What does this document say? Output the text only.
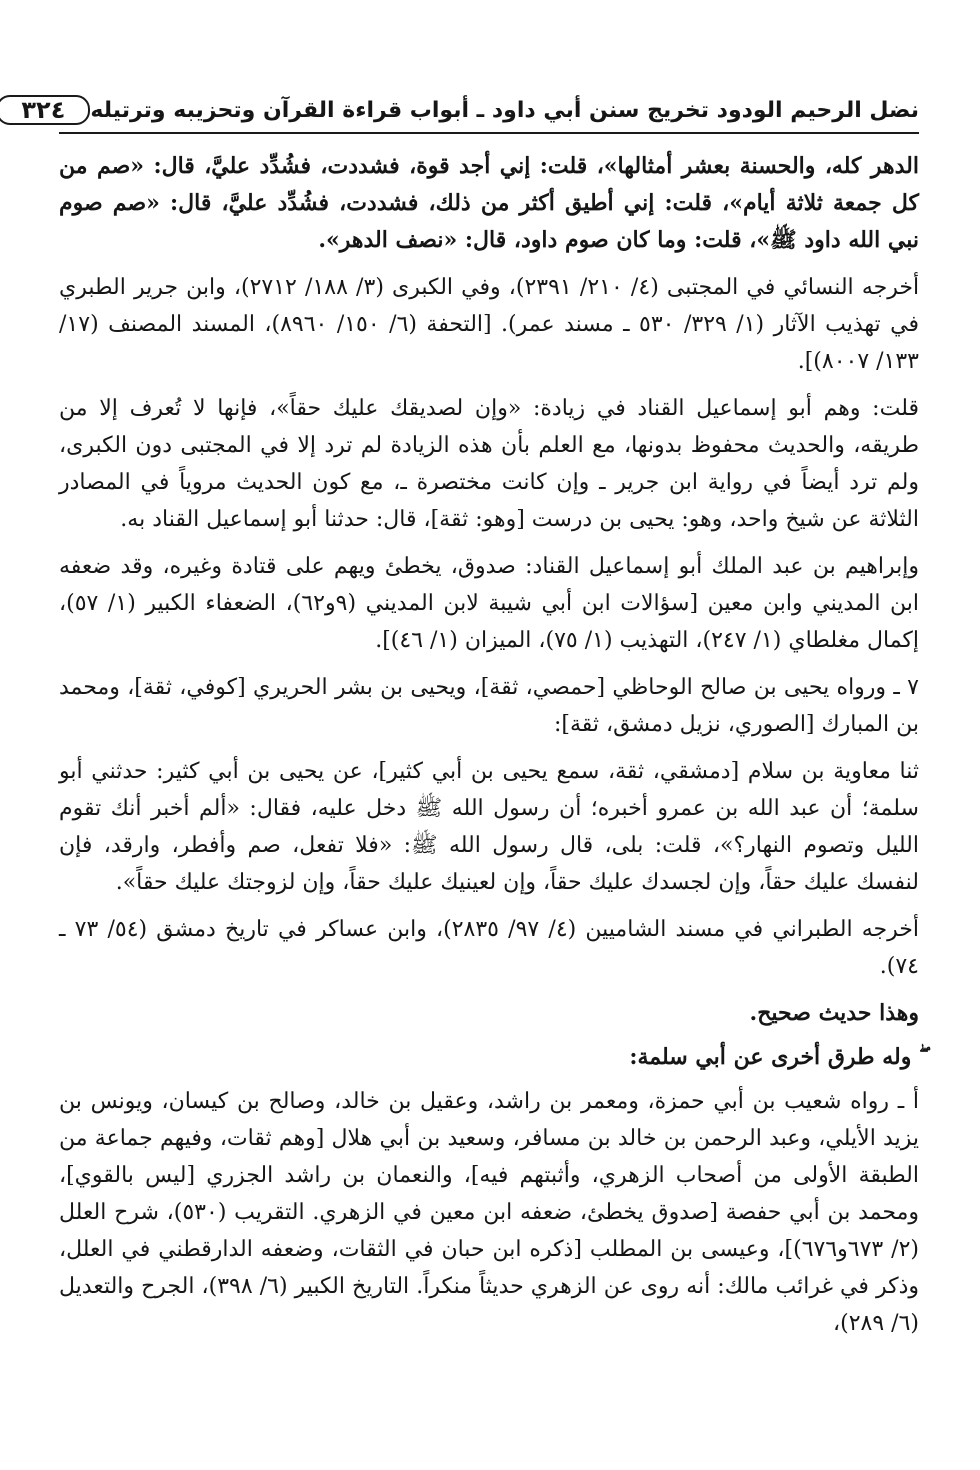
نضل الرحيم الودود تخريج سنن أبي داود ـ أبواب قراءة القرآن وتحزيبه وترتيله
٣٢٤

الدهر كله، والحسنة بعشر أمثالها»، قلت: إني أجد قوة، فشددت، فشُدِّد عليَّ، قال: «صم من كل جمعة ثلاثة أيام»، قلت: إني أطيق أكثر من ذلك، فشددت، فشُدِّد عليَّ، قال: «صم صوم نبي الله داود ﷺ»، قلت: وما كان صوم داود، قال: «نصف الدهر».

أخرجه النسائي في المجتبى (٤/ ٢١٠/ ٢٣٩١)، وفي الكبرى (٣/ ١٨٨/ ٢٧١٢)، وابن جرير الطبري في تهذيب الآثار (١/ ٣٢٩/ ٥٣٠ ـ مسند عمر). [التحفة (٦/ ١٥٠/ ٨٩٦٠)، المسند المصنف (١٧/ ١٣٣/ ٨٠٠٧)].

قلت: وهم أبو إسماعيل القناد في زيادة: «وإن لصديقك عليك حقاً»، فإنها لا تُعرف إلا من طريقه، والحديث محفوظ بدونها، مع العلم بأن هذه الزيادة لم ترد إلا في المجتبى دون الكبرى، ولم ترد أيضاً في رواية ابن جرير ـ وإن كانت مختصرة ـ، مع كون الحديث مروياً في المصادر الثلاثة عن شيخ واحد، وهو: يحيى بن درست [وهو: ثقة]، قال: حدثنا أبو إسماعيل القناد به.

وإبراهيم بن عبد الملك أبو إسماعيل القناد: صدوق، يخطئ ويهم على قتادة وغيره، وقد ضعفه ابن المديني وابن معين [سؤالات ابن أبي شيبة لابن المديني (٩و٦٢)، الضعفاء الكبير (١/ ٥٧)، إكمال مغلطاي (١/ ٢٤٧)، التهذيب (١/ ٧٥)، الميزان (١/ ٤٦)].

٧ ـ ورواه يحيى بن صالح الوحاظي [حمصي، ثقة]، ويحيى بن بشر الحريري [كوفي، ثقة]، ومحمد بن المبارك [الصوري، نزيل دمشق، ثقة]:

ثنا معاوية بن سلام [دمشقي، ثقة، سمع يحيى بن أبي كثير]، عن يحيى بن أبي كثير: حدثني أبو سلمة؛ أن عبد الله بن عمرو أخبره؛ أن رسول الله ﷺ دخل عليه، فقال: «ألم أخبر أنك تقوم الليل وتصوم النهار؟»، قلت: بلى، قال رسول الله ﷺ: «فلا تفعل، صم وأفطر، وارقد، فإن لنفسك عليك حقاً، وإن لجسدك عليك حقاً، وإن لعينيك عليك حقاً، وإن لزوجتك عليك حقاً».

أخرجه الطبراني في مسند الشاميين (٤/ ٩٧/ ٢٨٣٥)، وابن عساكر في تاريخ دمشق (٥٤/ ٧٣ ـ ٧٤).

وهذا حديث صحيح.

ۖ وله طرق أخرى عن أبي سلمة:

أ ـ رواه شعيب بن أبي حمزة، ومعمر بن راشد، وعقيل بن خالد، وصالح بن كيسان، ويونس بن يزيد الأيلي، وعبد الرحمن بن خالد بن مسافر، وسعيد بن أبي هلال [وهم ثقات، وفيهم جماعة من الطبقة الأولى من أصحاب الزهري، وأثبتهم فيه]، والنعمان بن راشد الجزري [ليس بالقوي]، ومحمد بن أبي حفصة [صدوق يخطئ، ضعفه ابن معين في الزهري. التقريب (٥٣٠)، شرح العلل (٢/ ٦٧٣و٦٧٦)]، وعيسى بن المطلب [ذكره ابن حبان في الثقات، وضعفه الدارقطني في العلل، وذكر في غرائب مالك: أنه روى عن الزهري حديثاً منكراً. التاريخ الكبير (٦/ ٣٩٨)، الجرح والتعديل (٦/ ٢٨٩)،
